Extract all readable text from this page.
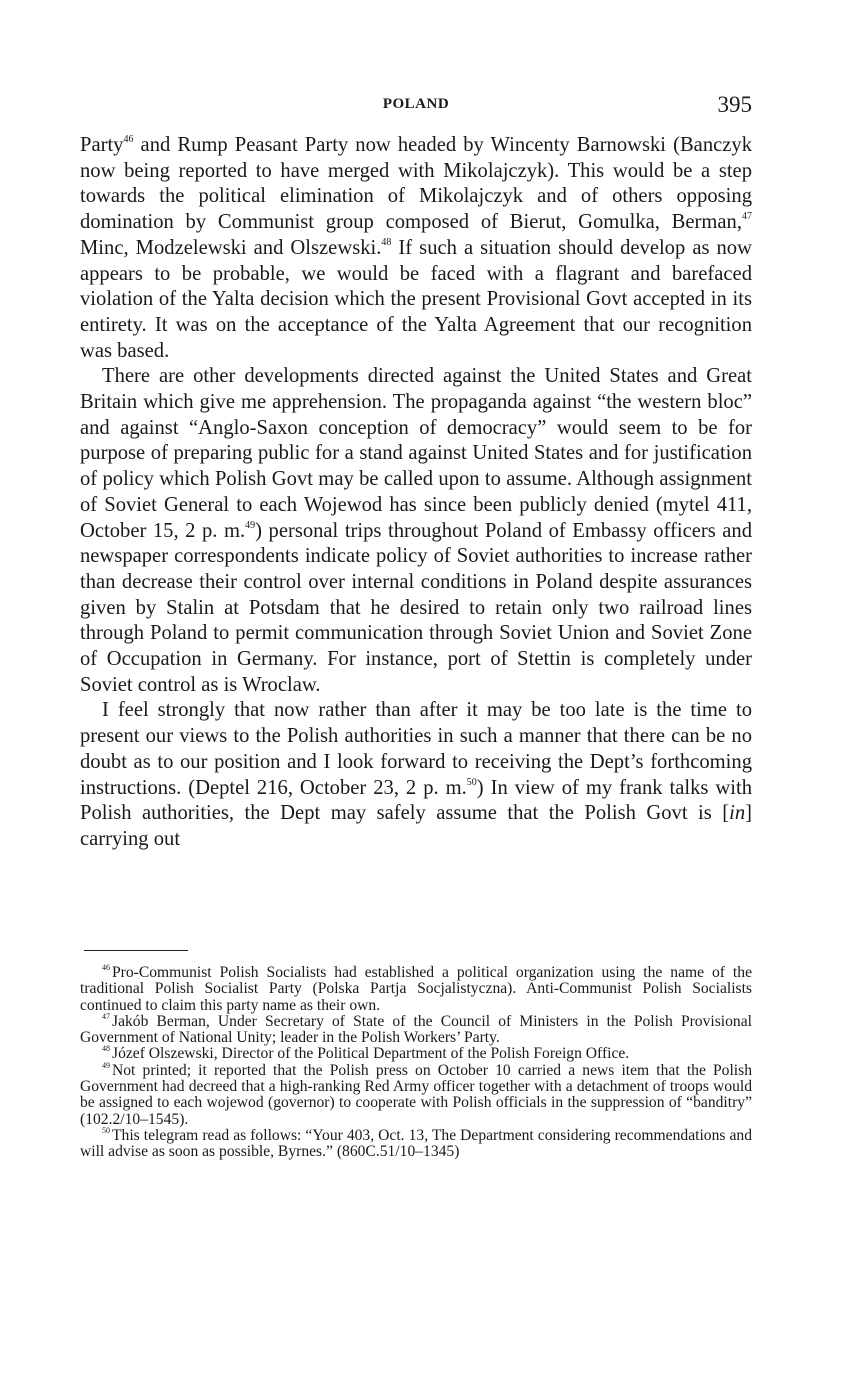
POLAND	395

Party$^{46}$ and Rump Peasant Party now headed by Wincenty Barnowski (Banczyk now being reported to have merged with Mikolajczyk). This would be a step towards the political elimination of Mikolajczyk and of others opposing domination by Communist group composed of Bierut, Gomulka, Berman,$^{47}$ Minc, Modzelewski and Olszewski.$^{48}$ If such a situation should develop as now appears to be probable, we would be faced with a flagrant and barefaced violation of the Yalta decision which the present Provisional Govt accepted in its entirety. It was on the acceptance of the Yalta Agreement that our recognition was based.

There are other developments directed against the United States and Great Britain which give me apprehension. The propaganda against “the western bloc” and against “Anglo-Saxon conception of democracy” would seem to be for purpose of preparing public for a stand against United States and for justification of policy which Polish Govt may be called upon to assume. Although assignment of Soviet General to each Wojewod has since been publicly denied (mytel 411, October 15, 2 p. m.$^{49}$) personal trips throughout Poland of Embassy officers and newspaper correspondents indicate policy of Soviet authorities to increase rather than decrease their control over internal conditions in Poland despite assurances given by Stalin at Potsdam that he desired to retain only two railroad lines through Poland to permit communication through Soviet Union and Soviet Zone of Occupation in Germany. For instance, port of Stettin is completely under Soviet control as is Wroclaw.

I feel strongly that now rather than after it may be too late is the time to present our views to the Polish authorities in such a manner that there can be no doubt as to our position and I look forward to receiving the Dept’s forthcoming instructions. (Deptel 216, October 23, 2 p. m.$^{50}$) In view of my frank talks with Polish authorities, the Dept may safely assume that the Polish Govt is [in] carrying out

$^{46}$ Pro-Communist Polish Socialists had established a political organization using the name of the traditional Polish Socialist Party (Polska Partja Socjalistyczna). Anti-Communist Polish Socialists continued to claim this party name as their own.

$^{47}$ Jakób Berman, Under Secretary of State of the Council of Ministers in the Polish Provisional Government of National Unity; leader in the Polish Workers’ Party.

$^{48}$ Józef Olszewski, Director of the Political Department of the Polish Foreign Office.

$^{49}$ Not printed; it reported that the Polish press on October 10 carried a news item that the Polish Government had decreed that a high-ranking Red Army officer together with a detachment of troops would be assigned to each wojewod (governor) to cooperate with Polish officials in the suppression of “banditry” (102.2/10–1545).

$^{50}$ This telegram read as follows: “Your 403, Oct. 13, The Department considering recommendations and will advise as soon as possible, Byrnes.” (860C.51/10–1345)
